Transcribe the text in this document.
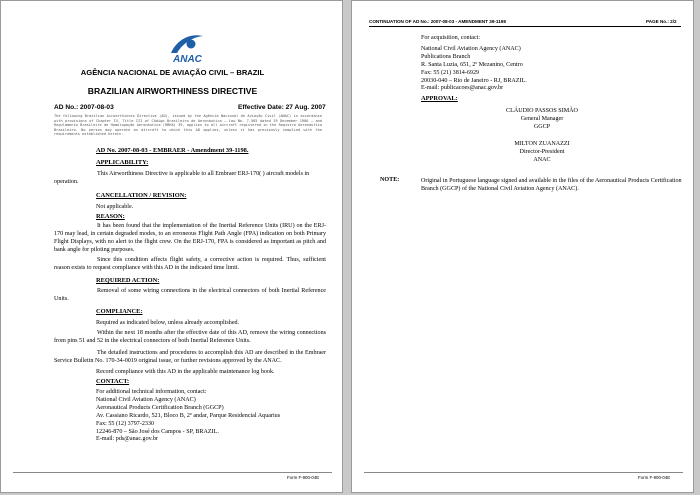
ANAC
AGÊNCIA NACIONAL DE AVIAÇÃO CIVIL – BRAZIL
BRAZILIAN AIRWORTHINESS DIRECTIVE
AD No.: 2007-08-03	Effective Date: 27 Aug. 2007
The following Brazilian Airworthiness Directive (AD), issued by the Agência Nacional de Aviação Civil (ANAC) in accordance with provisions of Chapter IV, Title III of Código Brasileiro de Aeronáutica – Law No. 7,565 dated 19 December 1986 – and Regulamento Brasileiro de Homologação Aeronáutica (RBHA) 39, applies to all aircraft registered in the Registro Aeronáutico Brasileiro. No person may operate an aircraft to which this AD applies, unless it has previously complied with the requirements established herein.
AD No. 2007-08-03 - EMBRAER - Amendment 39-1198.
APPLICABILITY:
This Airworthiness Directive is applicable to all Embraer ERJ-170( ) aircraft models in operation.
CANCELLATION / REVISION:
Not applicable.
REASON:
It has been found that the implementation of the Inertial Reference Units (IRU) on the ERJ-170 may lead, in certain degraded modes, to an erroneous Flight Path Angle (FPA) indication on both Primary Flight Displays, with no alert to the flight crew. On the ERJ-170, FPA is considered as important as pitch and bank angle for piloting purposes.
Since this condition affects flight safety, a corrective action is required. Thus, sufficient reason exists to request compliance with this AD in the indicated time limit.
REQUIRED ACTION:
Removal of some wiring connections in the electrical connectors of both Inertial Reference Units.
COMPLIANCE:
Required as indicated below, unless already accomplished.
Within the next 18 months after the effective date of this AD, remove the wiring connections from pins 51 and 52 in the electrical connectors of both Inertial Reference Units.
The detailed instructions and procedures to accomplish this AD are described in the Embraer Service Bulletin No. 170-34-0019 original issue, or further revisions approved by the ANAC.
Record compliance with this AD in the applicable maintenance log book.
CONTACT:
For additional technical information, contact:
National Civil Aviation Agency (ANAC)
Aeronautical Products Certification Branch (GGCP)
Av. Cassiano Ricardo, 521, Bloco B, 2º andar, Parque Residencial Aquarius
Fax: 55 (12) 3797-2330
12246-870 – São José dos Campos - SP, BRAZIL.
E-mail: pds@anac.gov.br
Form F-900-04E
CONTINUATION OF AD No.: 2007-08-03 - AMENDMENT 39-1198	PAGE No.: 2/2
For acquisition, contact:
National Civil Aviation Agency (ANAC)
Publications Branch
R. Santa Luzia, 651, 2º Mezanino, Centro
Fax: 55 (21) 3814-6929
20030-040 – Rio de Janeiro - RJ, BRAZIL.
E-mail: publicacoes@anac.gov.br
APPROVAL:
CLÁUDIO PASSOS SIMÃO
General Manager
GGCP
MILTON ZUANAZZI
Director-President
ANAC
NOTE:	Original in Portuguese language signed and available in the files of the Aeronautical Products Certification Branch (GGCP) of the National Civil Aviation Agency (ANAC).
Form F-900-04E
